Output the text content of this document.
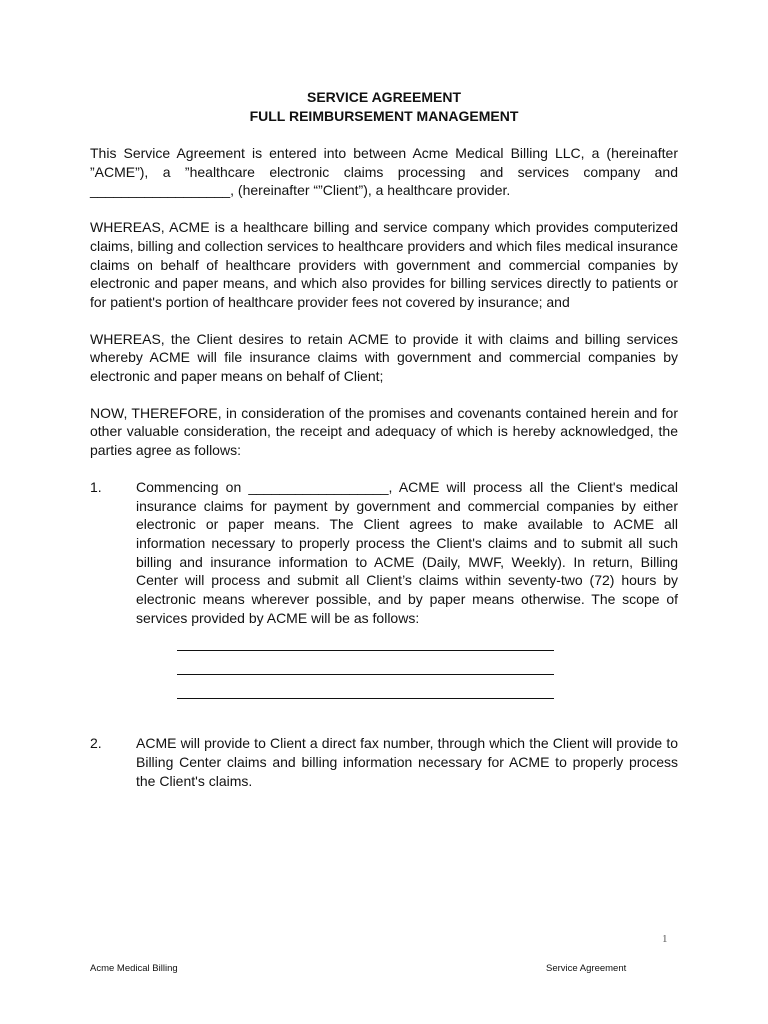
SERVICE AGREEMENT
FULL REIMBURSEMENT MANAGEMENT

This Service Agreement is entered into between Acme Medical Billing LLC, a (hereinafter ”ACME”), a ”healthcare electronic claims processing and services company and __________________, (hereinafter “”Client”), a healthcare provider.

WHEREAS, ACME is a healthcare billing and service company which provides computerized claims, billing and collection services to healthcare providers and which files medical insurance claims on behalf of healthcare providers with government and commercial companies by electronic and paper means, and which also provides for billing services directly to patients or for patient's portion of healthcare provider fees not covered by insurance; and

WHEREAS, the Client desires to retain ACME to provide it with claims and billing services whereby ACME will file insurance claims with government and commercial companies by electronic and paper means on behalf of Client;

NOW, THEREFORE, in consideration of the promises and covenants contained herein and for other valuable consideration, the receipt and adequacy of which is hereby acknowledged, the parties agree as follows:

1.	Commencing on __________________, ACME will process all the Client's medical insurance claims for payment by government and commercial companies by either electronic or paper means. The Client agrees to make available to ACME all information necessary to properly process the Client's claims and to submit all such billing and insurance information to ACME (Daily, MWF, Weekly). In return, Billing Center will process and submit all Client’s claims within seventy-two (72) hours by electronic means wherever possible, and by paper means otherwise. The scope of services provided by ACME will be as follows:
2.	ACME will provide to Client a direct fax number, through which the Client will provide to Billing Center claims and billing information necessary for ACME to properly process the Client's claims.
1
Acme Medical Billing	Service Agreement
